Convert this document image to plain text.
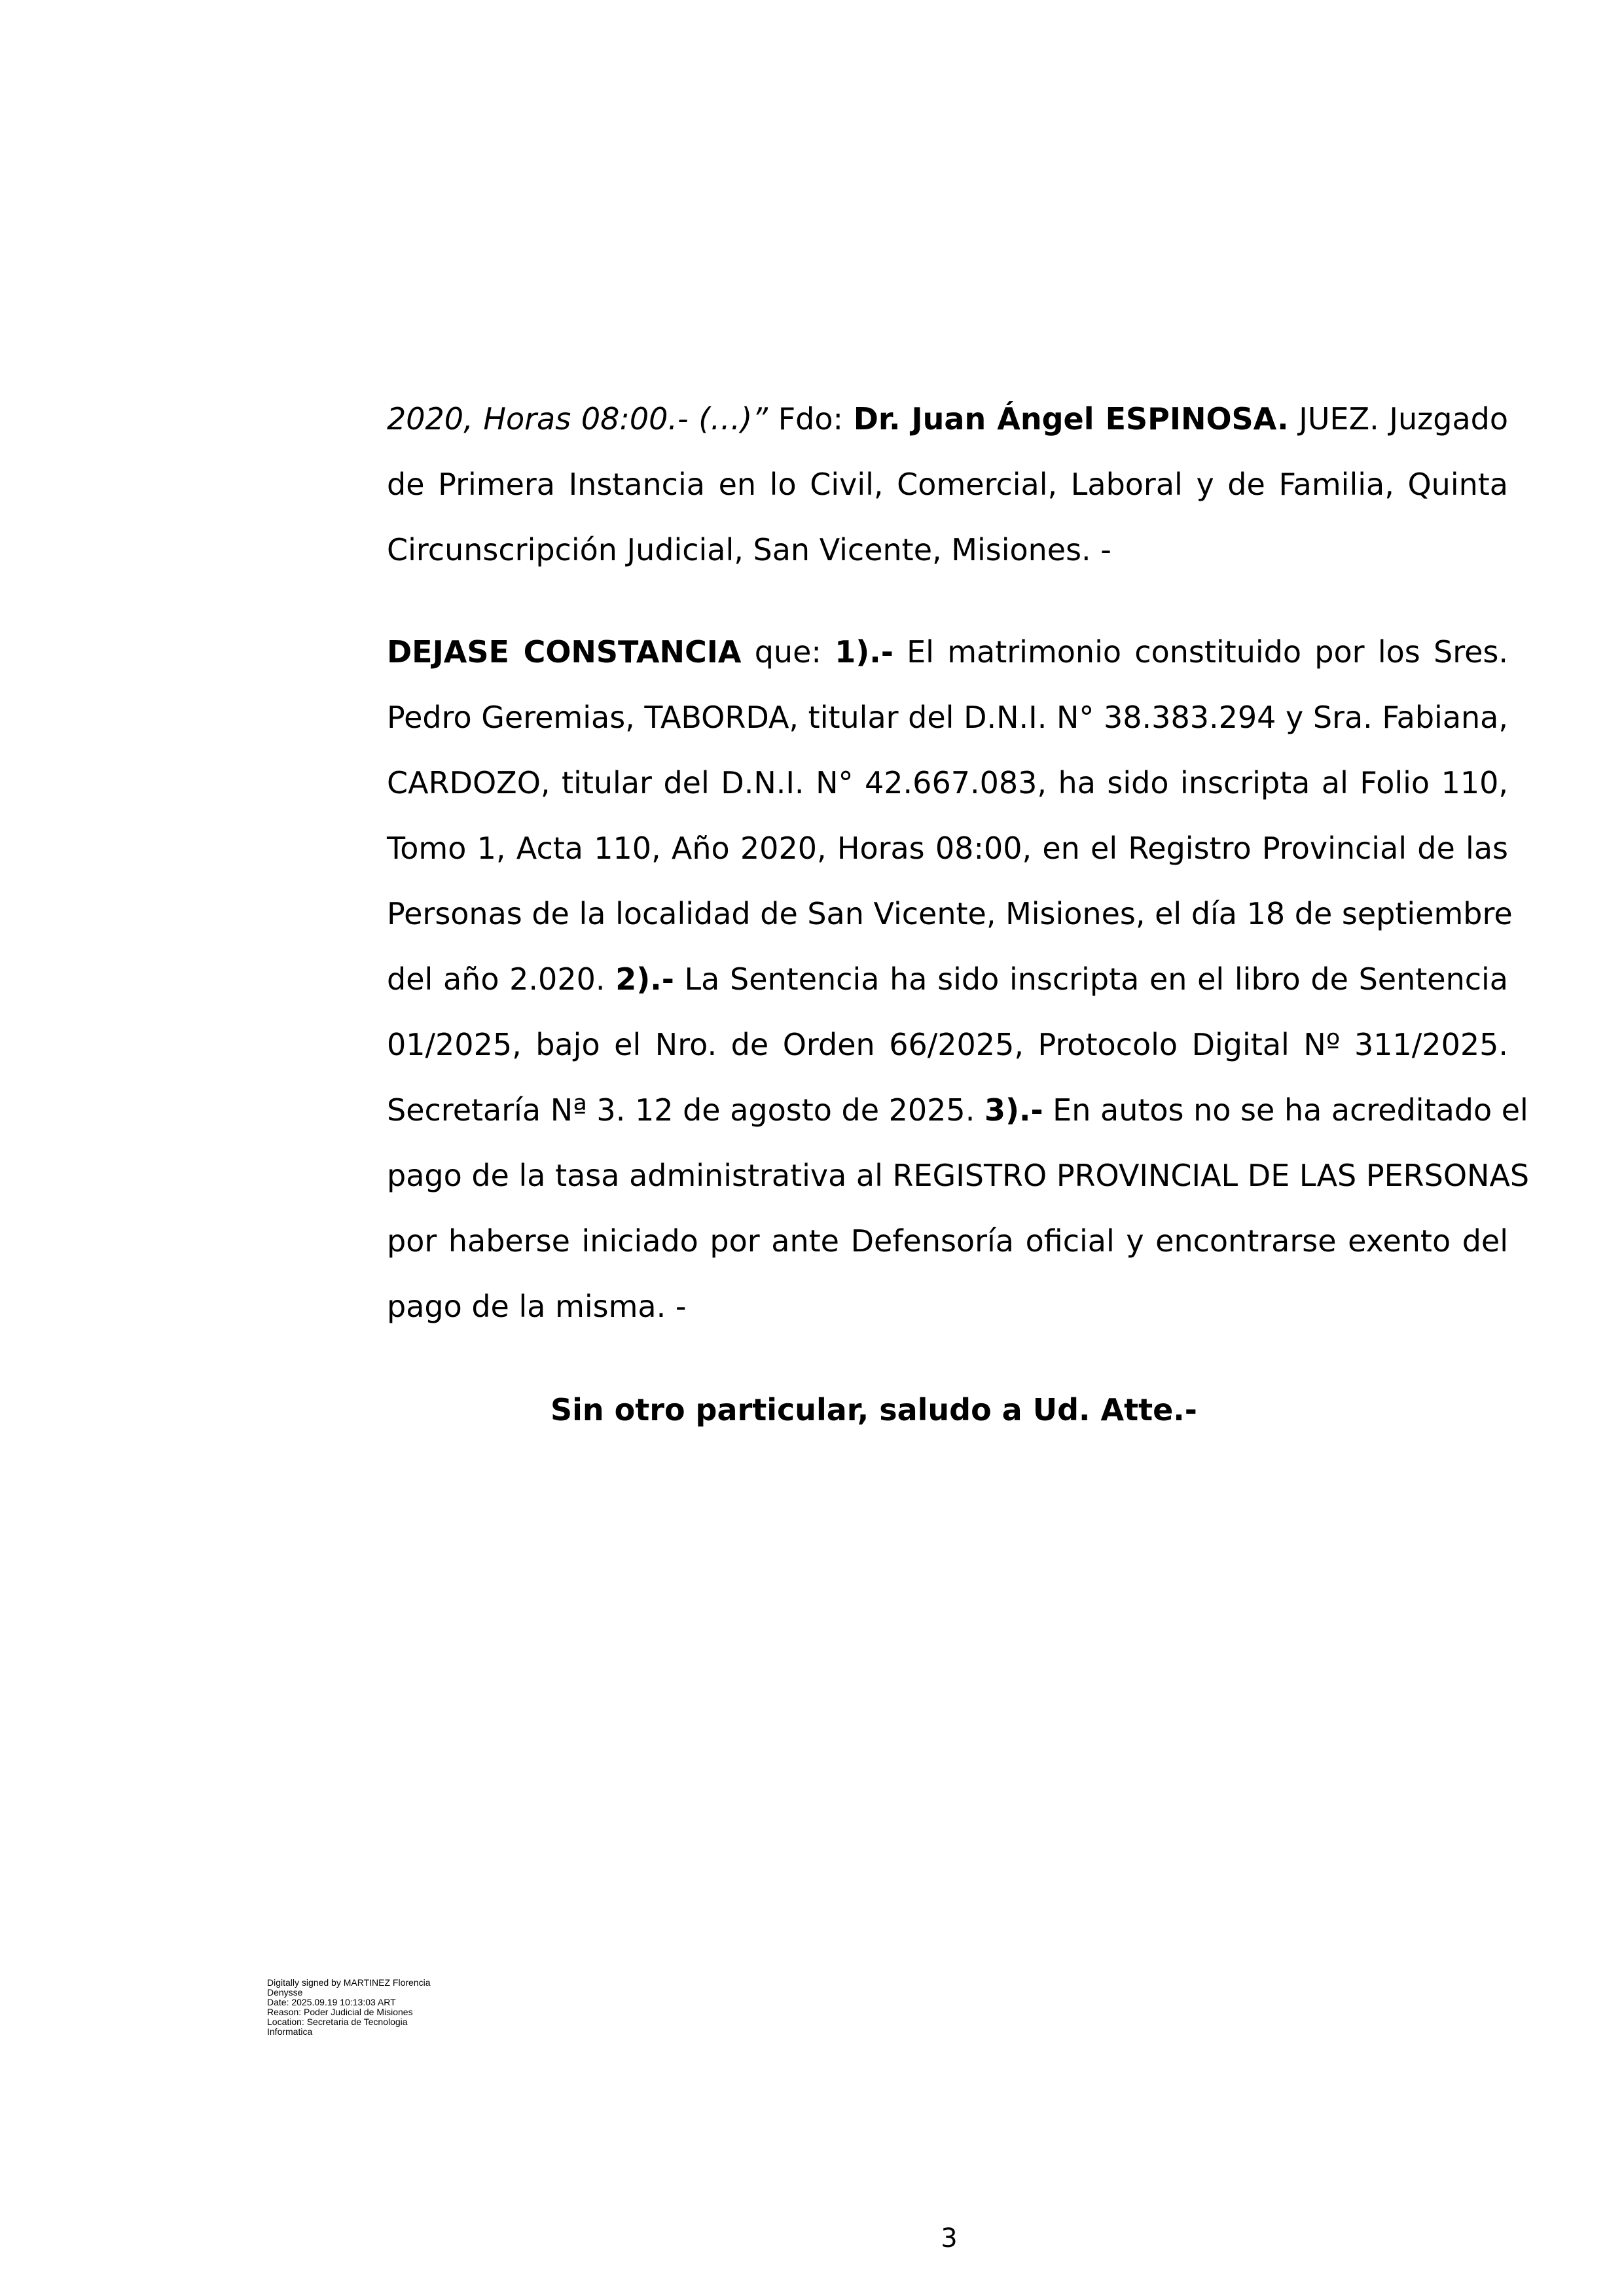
2020, Horas 08:00.- (…)” Fdo: Dr. Juan Ángel ESPINOSA. JUEZ. Juzgado
de Primera Instancia en lo Civil, Comercial, Laboral y de Familia, Quinta
Circunscripción Judicial, San Vicente, Misiones. -
DEJASE CONSTANCIA que: 1).- El matrimonio constituido por los Sres.
Pedro Geremias, TABORDA, titular del D.N.I. N° 38.383.294 y Sra. Fabiana,
CARDOZO, titular del D.N.I. N° 42.667.083, ha sido inscripta al Folio 110,
Tomo 1, Acta 110, Año 2020, Horas 08:00, en el Registro Provincial de las
Personas de la localidad de San Vicente, Misiones, el día 18 de septiembre
del año 2.020. 2).- La Sentencia ha sido inscripta en el libro de Sentencia
01/2025, bajo el Nro. de Orden 66/2025, Protocolo Digital Nº 311/2025.
Secretaría Nª 3. 12 de agosto de 2025. 3).- En autos no se ha acreditado el
pago de la tasa administrativa al REGISTRO PROVINCIAL DE LAS PERSONAS
por haberse iniciado por ante Defensoría oficial y encontrarse exento del
pago de la misma. -
Sin otro particular, saludo a Ud. Atte.-
Digitally signed by MARTINEZ Florencia
Denysse
Date: 2025.09.19 10:13:03 ART
Reason: Poder Judicial de Misiones
Location: Secretaria de Tecnologia
Informatica
3
